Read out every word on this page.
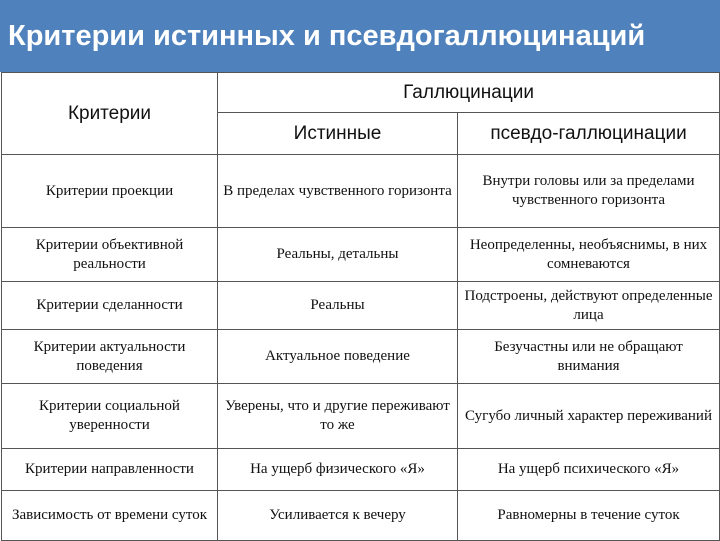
Критерии истинных и псевдогаллюцинаций
Критерии	Галлюцинации	
	Истинные	псевдо-галлюцинации
Критерии проекции	В пределах чувственного горизонта	Внутри головы или за пределами чувственного горизонта
Критерии объективной реальности	Реальны, детальны	Неопределенны, необъяснимы, в них сомневаются
Критерии сделанности	Реальны	Подстроены, действуют определенные лица
Критерии актуальности поведения	Актуальное поведение	Безучастны или не обращают внимания
Критерии социальной уверенности	Уверены, что и другие переживают то же	Сугубо личный характер переживаний
Критерии направленности	На ущерб физического «Я»	На ущерб психического «Я»
Зависимость от времени суток	Усиливается к вечеру	Равномерны в течение суток
